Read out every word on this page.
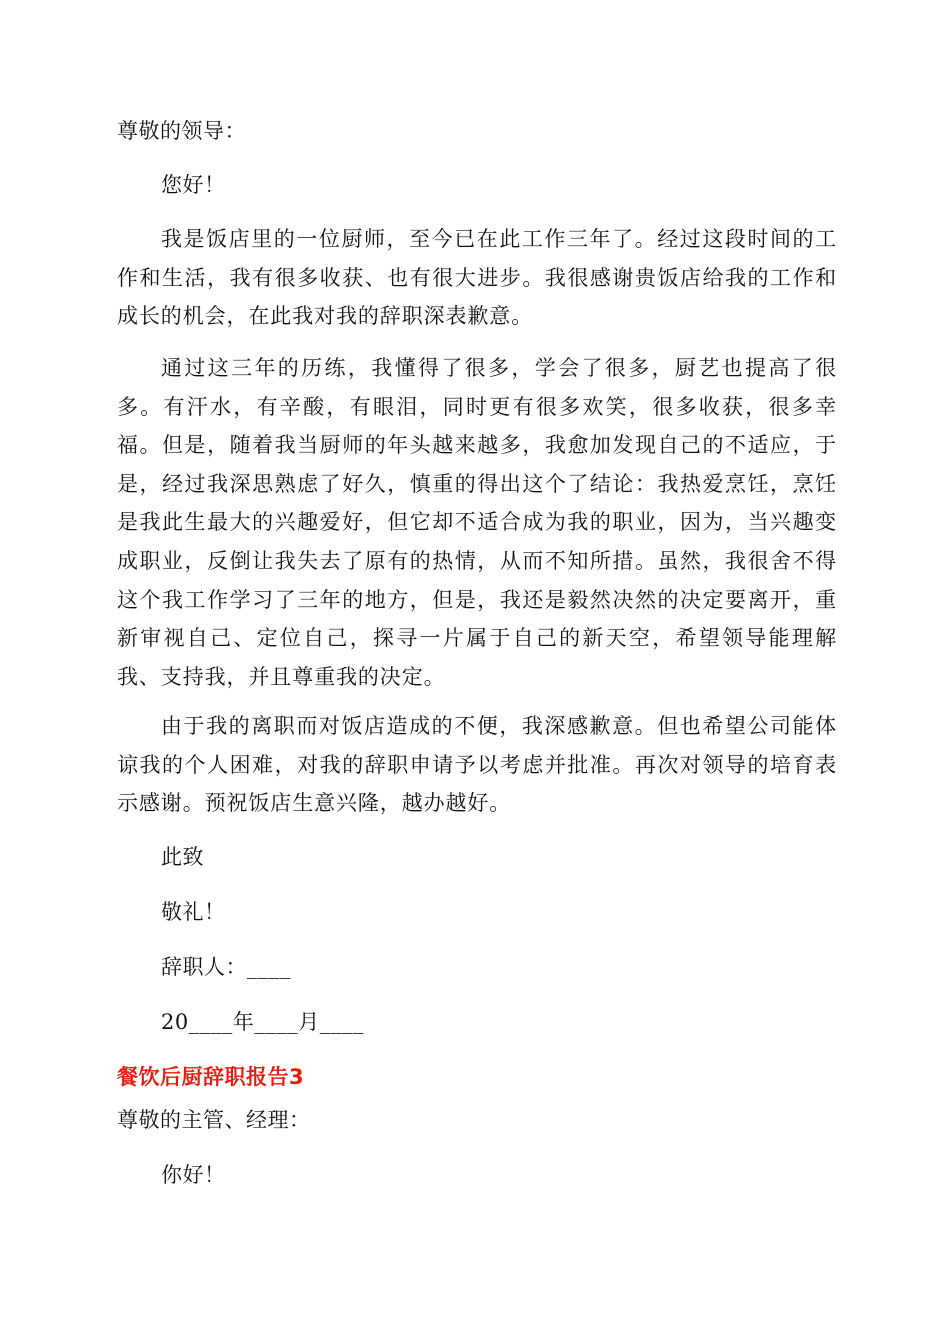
尊敬的领导：
您好！
我是饭店里的一位厨师，至今已在此工作三年了。经过这段时间的工作和生活，我有很多收获、也有很大进步。我很感谢贵饭店给我的工作和成长的机会，在此我对我的辞职深表歉意。
通过这三年的历练，我懂得了很多，学会了很多，厨艺也提高了很多。有汗水，有辛酸，有眼泪，同时更有很多欢笑，很多收获，很多幸福。但是，随着我当厨师的年头越来越多，我愈加发现自己的不适应，于是，经过我深思熟虑了好久，慎重的得出这个了结论：我热爱烹饪，烹饪是我此生最大的兴趣爱好，但它却不适合成为我的职业，因为，当兴趣变成职业，反倒让我失去了原有的热情，从而不知所措。虽然，我很舍不得这个我工作学习了三年的地方，但是，我还是毅然决然的决定要离开，重新审视自己、定位自己，探寻一片属于自己的新天空，希望领导能理解我、支持我，并且尊重我的决定。
由于我的离职而对饭店造成的不便，我深感歉意。但也希望公司能体谅我的个人困难，对我的辞职申请予以考虑并批准。再次对领导的培育表示感谢。预祝饭店生意兴隆，越办越好。
此致
敬礼！
辞职人：____
20____年____月____
餐饮后厨辞职报告3
尊敬的主管、经理：
你好！
